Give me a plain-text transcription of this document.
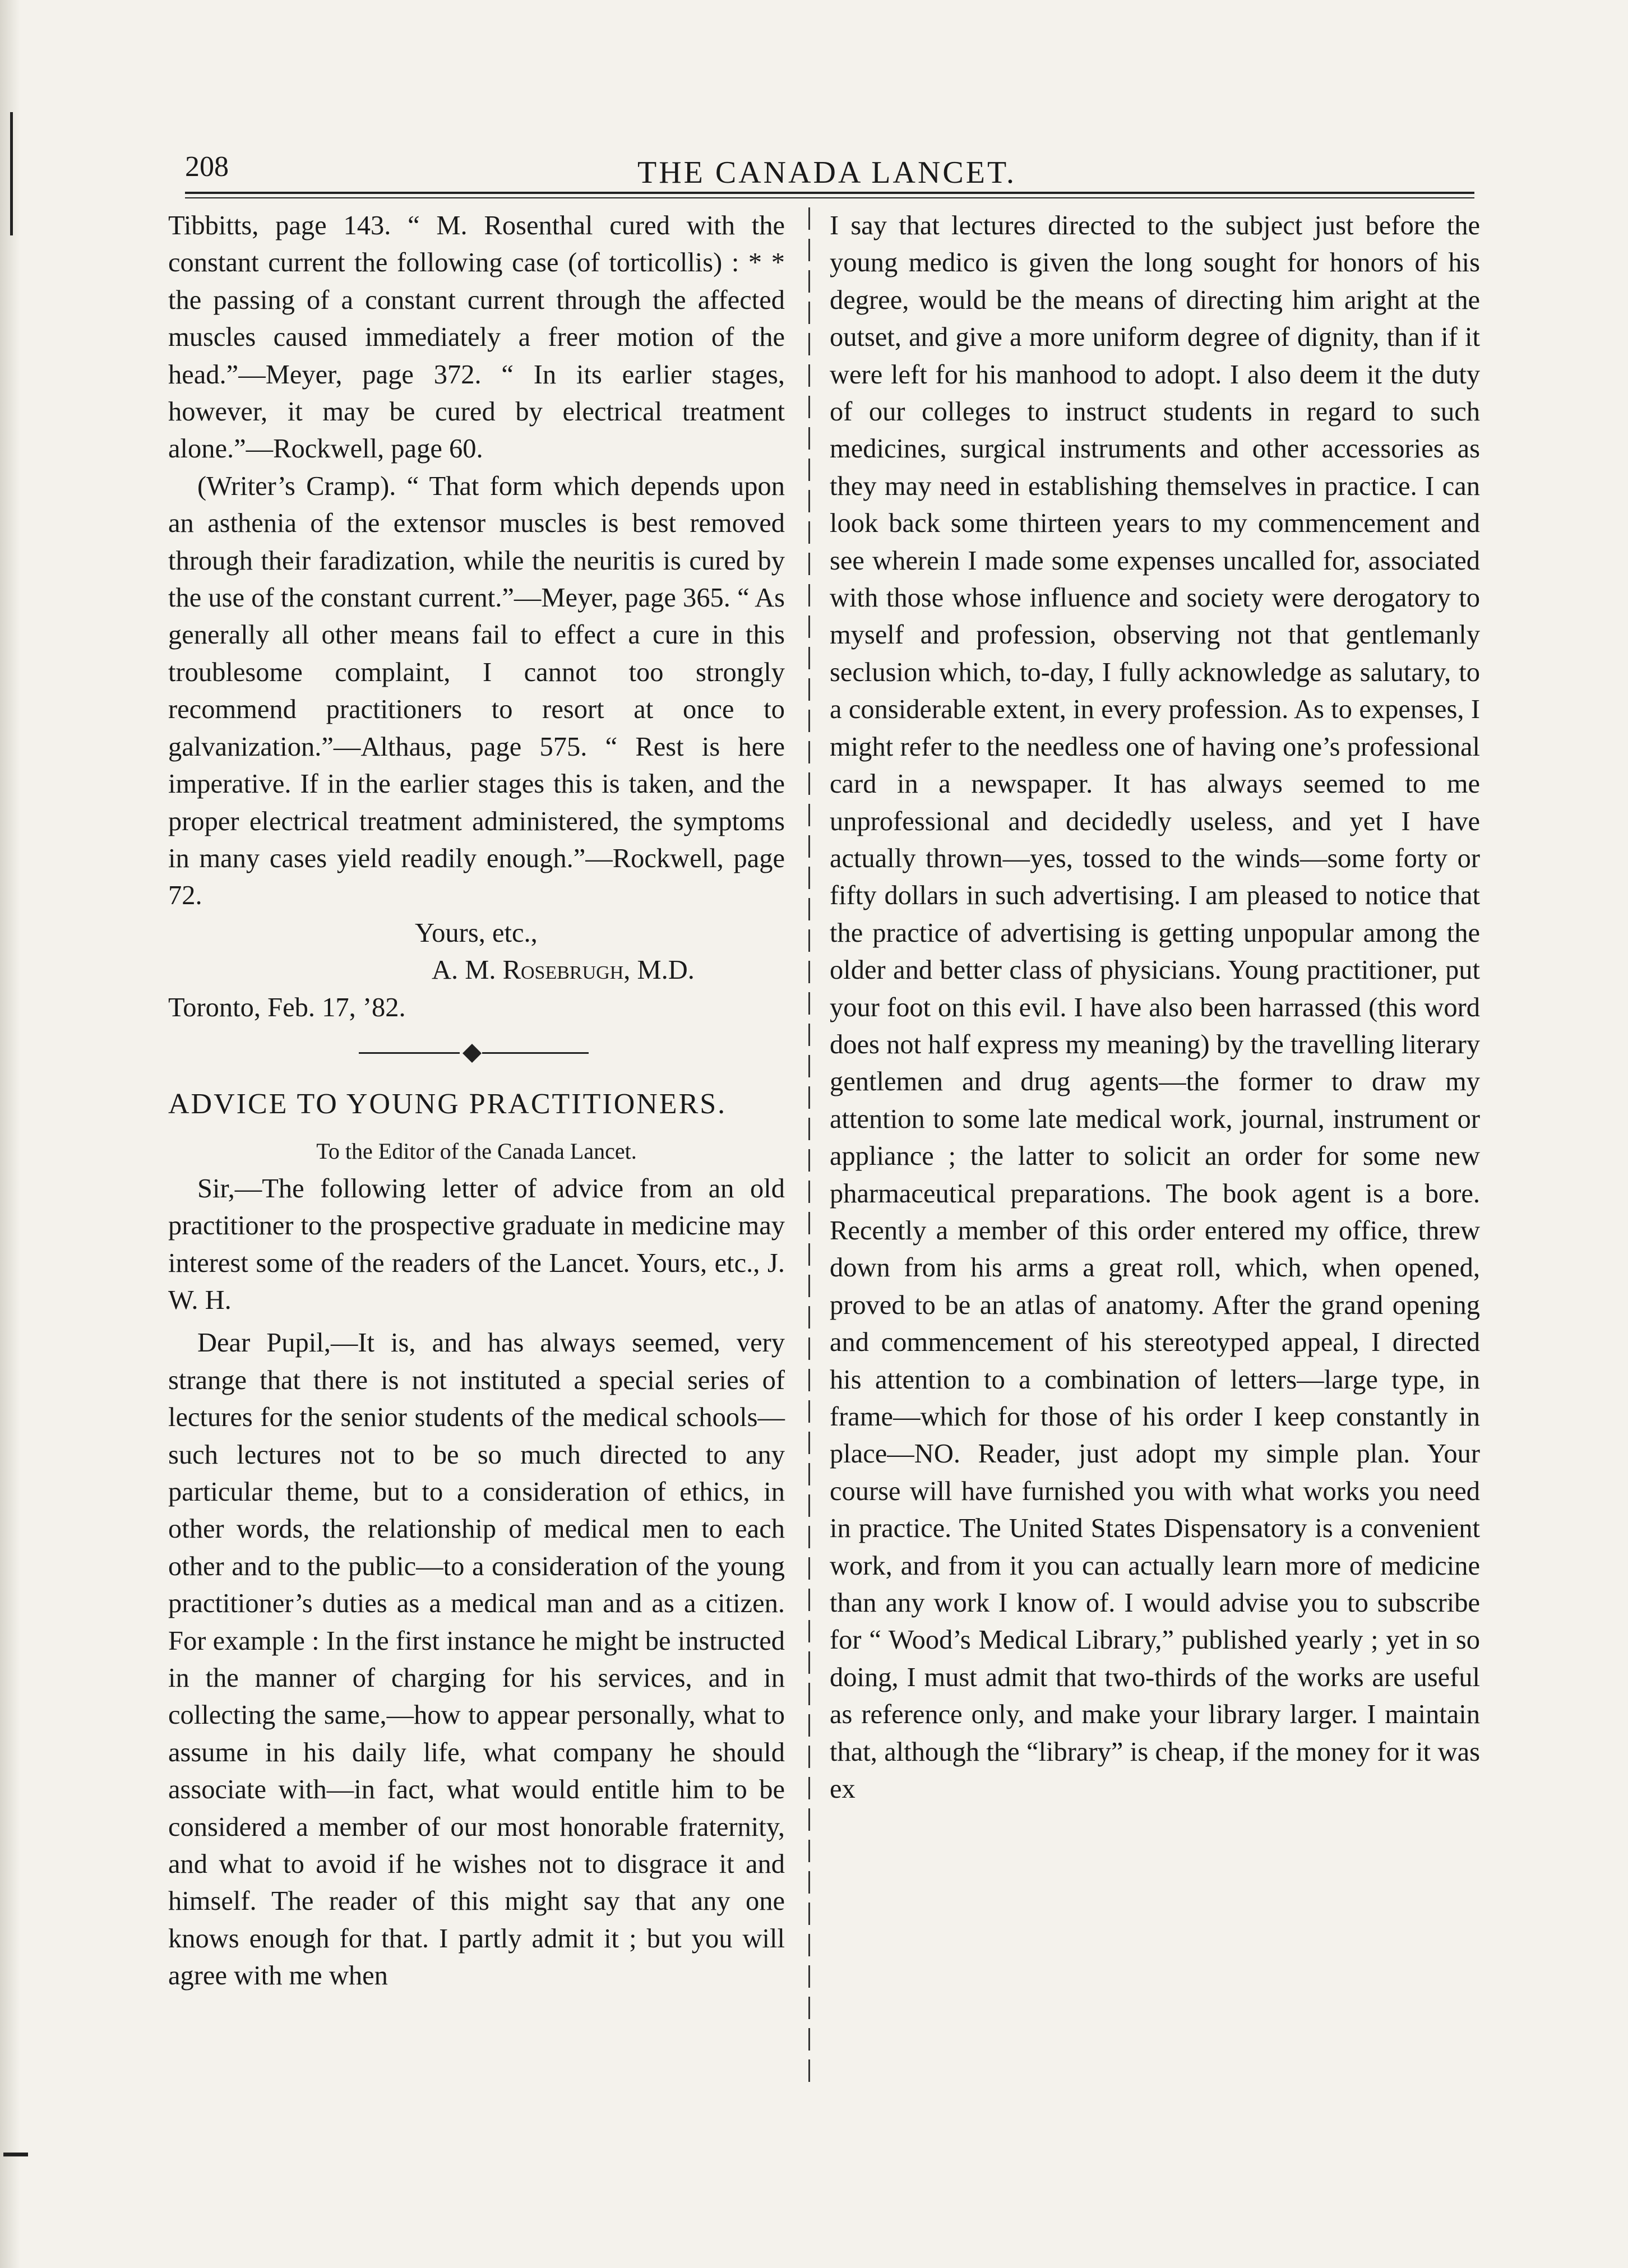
208	THE CANADA LANCET.

Tibbitts, page 143. “ M. Rosenthal cured with the constant current the following case (of torticollis) : * * the passing of a constant current through the affected muscles caused immediately a freer motion of the head.”—Meyer, page 372. “ In its earlier stages, however, it may be cured by electrical treatment alone.”—Rockwell, page 60.

(Writer’s Cramp). “ That form which depends upon an asthenia of the extensor muscles is best removed through their faradization, while the neuritis is cured by the use of the constant current.”—Meyer, page 365. “ As generally all other means fail to effect a cure in this troublesome complaint, I cannot too strongly recommend practitioners to resort at once to galvanization.”—Althaus, page 575. “ Rest is here imperative. If in the earlier stages this is taken, and the proper electrical treatment administered, the symptoms in many cases yield readily enough.”—Rockwell, page 72.

Yours, etc.,

A. M. Rosebrugh, M.D.

Toronto, Feb. 17, ’82.

ADVICE TO YOUNG PRACTITIONERS.

To the Editor of the Canada Lancet.

Sir,—The following letter of advice from an old practitioner to the prospective graduate in medicine may interest some of the readers of the Lancet. Yours, etc., J. W. H.

Dear Pupil,—It is, and has always seemed, very strange that there is not instituted a special series of lectures for the senior students of the medical schools—such lectures not to be so much directed to any particular theme, but to a consideration of ethics, in other words, the relationship of medical men to each other and to the public—to a consideration of the young practitioner’s duties as a medical man and as a citizen. For example : In the first instance he might be instructed in the manner of charging for his services, and in collecting the same,—how to appear personally, what to assume in his daily life, what company he should associate with—in fact, what would entitle him to be considered a member of our most honorable fraternity, and what to avoid if he wishes not to disgrace it and himself. The reader of this might say that any one knows enough for that. I partly admit it ; but you will agree with me when

I say that lectures directed to the subject just before the young medico is given the long sought for honors of his degree, would be the means of directing him aright at the outset, and give a more uniform degree of dignity, than if it were left for his manhood to adopt. I also deem it the duty of our colleges to instruct students in regard to such medicines, surgical instruments and other accessories as they may need in establishing themselves in practice. I can look back some thirteen years to my commencement and see wherein I made some expenses uncalled for, associated with those whose influence and society were derogatory to myself and profession, observing not that gentlemanly seclusion which, to-day, I fully acknowledge as salutary, to a considerable extent, in every profession. As to expenses, I might refer to the needless one of having one’s professional card in a newspaper. It has always seemed to me unprofessional and decidedly useless, and yet I have actually thrown—yes, tossed to the winds—some forty or fifty dollars in such advertising. I am pleased to notice that the practice of advertising is getting unpopular among the older and better class of physicians. Young practitioner, put your foot on this evil. I have also been harrassed (this word does not half express my meaning) by the travelling literary gentlemen and drug agents—the former to draw my attention to some late medical work, journal, instrument or appliance ; the latter to solicit an order for some new pharmaceutical preparations. The book agent is a bore. Recently a member of this order entered my office, threw down from his arms a great roll, which, when opened, proved to be an atlas of anatomy. After the grand opening and commencement of his stereotyped appeal, I directed his attention to a combination of letters—large type, in frame—which for those of his order I keep constantly in place—NO. Reader, just adopt my simple plan. Your course will have furnished you with what works you need in practice. The United States Dispensatory is a convenient work, and from it you can actually learn more of medicine than any work I know of. I would advise you to subscribe for “ Wood’s Medical Library,” published yearly ; yet in so doing, I must admit that two-thirds of the works are useful as reference only, and make your library larger. I maintain that, although the “library” is cheap, if the money for it was ex
